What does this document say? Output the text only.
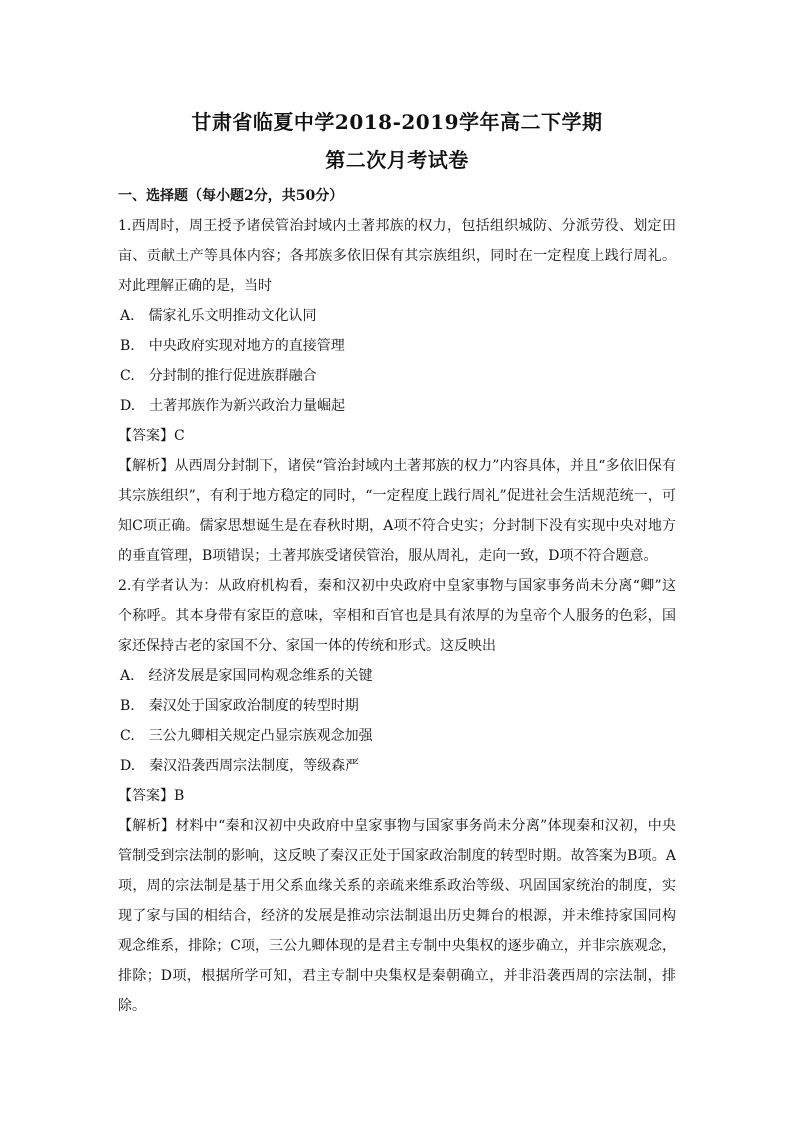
甘肃省临夏中学2018-2019学年高二下学期
第二次月考试卷
一、选择题（每小题2分，共50分）

1.西周时，周王授予诸侯管治封域内土著邦族的权力，包括组织城防、分派劳役、划定田亩、贡献土产等具体内容；各邦族多依旧保有其宗族组织，同时在一定程度上践行周礼。对此理解正确的是，当时

A.　儒家礼乐文明推动文化认同

B.　中央政府实现对地方的直接管理

C.　分封制的推行促进族群融合

D.　土著邦族作为新兴政治力量崛起

【答案】C

【解析】从西周分封制下，诸侯“管治封域内土著邦族的权力”内容具体，并且“多依旧保有其宗族组织”，有利于地方稳定的同时，“一定程度上践行周礼”促进社会生活规范统一，可知C项正确。儒家思想诞生是在春秋时期，A项不符合史实；分封制下没有实现中央对地方的垂直管理，B项错误；土著邦族受诸侯管治，服从周礼，走向一致，D项不符合题意。

2.有学者认为：从政府机构看，秦和汉初中央政府中皇家事物与国家事务尚未分离“卿”这个称呼。其本身带有家臣的意味，宰相和百官也是具有浓厚的为皇帝个人服务的色彩，国家还保持古老的家国不分、家国一体的传统和形式。这反映出

A.　经济发展是家国同构观念维系的关键

B.　秦汉处于国家政治制度的转型时期

C.　三公九卿相关规定凸显宗族观念加强

D.　秦汉沿袭西周宗法制度，等级森严

【答案】B

【解析】材料中“秦和汉初中央政府中皇家事物与国家事务尚未分离”体现秦和汉初，中央管制受到宗法制的影响，这反映了秦汉正处于国家政治制度的转型时期。故答案为B项。A项，周的宗法制是基于用父系血缘关系的亲疏来维系政治等级、巩固国家统治的制度，实现了家与国的相结合，经济的发展是推动宗法制退出历史舞台的根源，并未维持家国同构观念维系，排除；C项，三公九卿体现的是君主专制中央集权的逐步确立，并非宗族观念，排除；D项，根据所学可知，君主专制中央集权是秦朝确立，并非沿袭西周的宗法制，排除。
